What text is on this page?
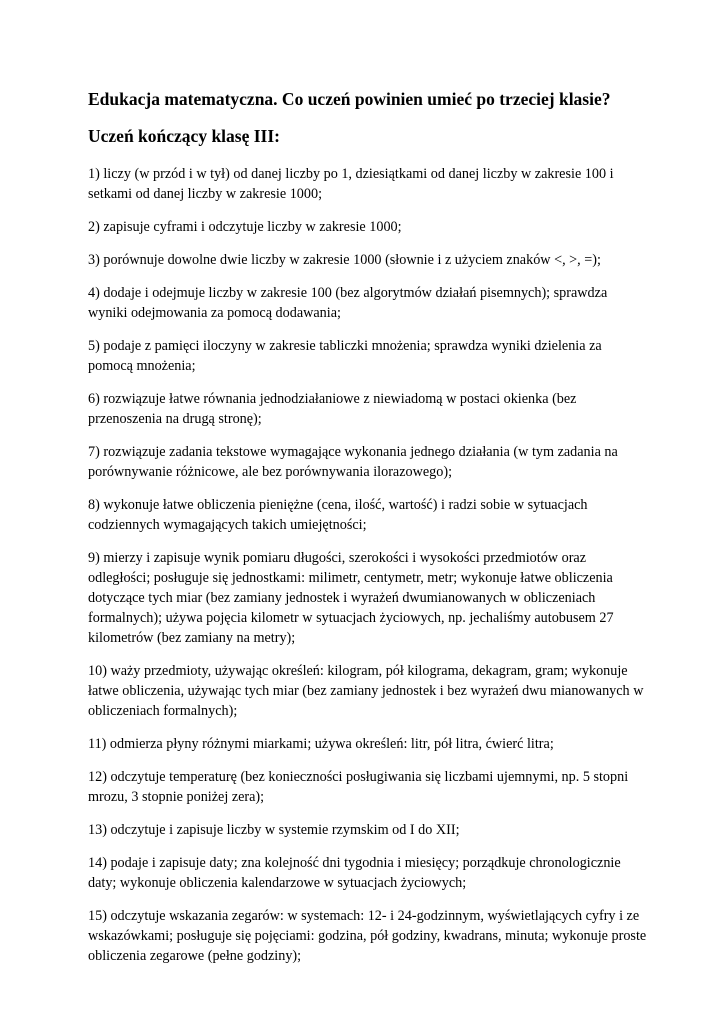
Edukacja matematyczna. Co uczeń powinien umieć po trzeciej klasie?
Uczeń kończący klasę III:
1) liczy (w przód i w tył) od danej liczby po 1, dziesiątkami od danej liczby w zakresie 100 i setkami od danej liczby w zakresie 1000;
2) zapisuje cyframi i odczytuje liczby w zakresie 1000;
3) porównuje dowolne dwie liczby w zakresie 1000 (słownie i z użyciem znaków <, >, =);
4) dodaje i odejmuje liczby w zakresie 100 (bez algorytmów działań pisemnych); sprawdza wyniki odejmowania za pomocą dodawania;
5) podaje z pamięci iloczyny w zakresie tabliczki mnożenia; sprawdza wyniki dzielenia za pomocą mnożenia;
6) rozwiązuje łatwe równania jednodziałaniowe z niewiadomą w postaci okienka (bez przenoszenia na drugą stronę);
7) rozwiązuje zadania tekstowe wymagające wykonania jednego działania (w tym zadania na porównywanie różnicowe, ale bez porównywania ilorazowego);
8) wykonuje łatwe obliczenia pieniężne (cena, ilość, wartość) i radzi sobie w sytuacjach codziennych wymagających takich umiejętności;
9) mierzy i zapisuje wynik pomiaru długości, szerokości i wysokości przedmiotów oraz odległości; posługuje się jednostkami: milimetr, centymetr, metr; wykonuje łatwe obliczenia dotyczące tych miar (bez zamiany jednostek i wyrażeń dwumianowanych w obliczeniach formalnych); używa pojęcia kilometr w sytuacjach życiowych, np. jechaliśmy autobusem 27 kilometrów (bez zamiany na metry);
10) waży przedmioty, używając określeń: kilogram, pół kilograma, dekagram, gram; wykonuje łatwe obliczenia, używając tych miar (bez zamiany jednostek i bez wyrażeń dwu mianowanych w obliczeniach formalnych);
11) odmierza płyny różnymi miarkami; używa określeń: litr, pół litra, ćwierć litra;
12) odczytuje temperaturę (bez konieczności posługiwania się liczbami ujemnymi, np. 5 stopni mrozu, 3 stopnie poniżej zera);
13) odczytuje i zapisuje liczby w systemie rzymskim od I do XII;
14) podaje i zapisuje daty; zna kolejność dni tygodnia i miesięcy; porządkuje chronologicznie daty; wykonuje obliczenia kalendarzowe w sytuacjach życiowych;
15) odczytuje wskazania zegarów: w systemach: 12- i 24-godzinnym, wyświetlających cyfry i ze wskazówkami; posługuje się pojęciami: godzina, pół godziny, kwadrans, minuta; wykonuje proste obliczenia zegarowe (pełne godziny);
